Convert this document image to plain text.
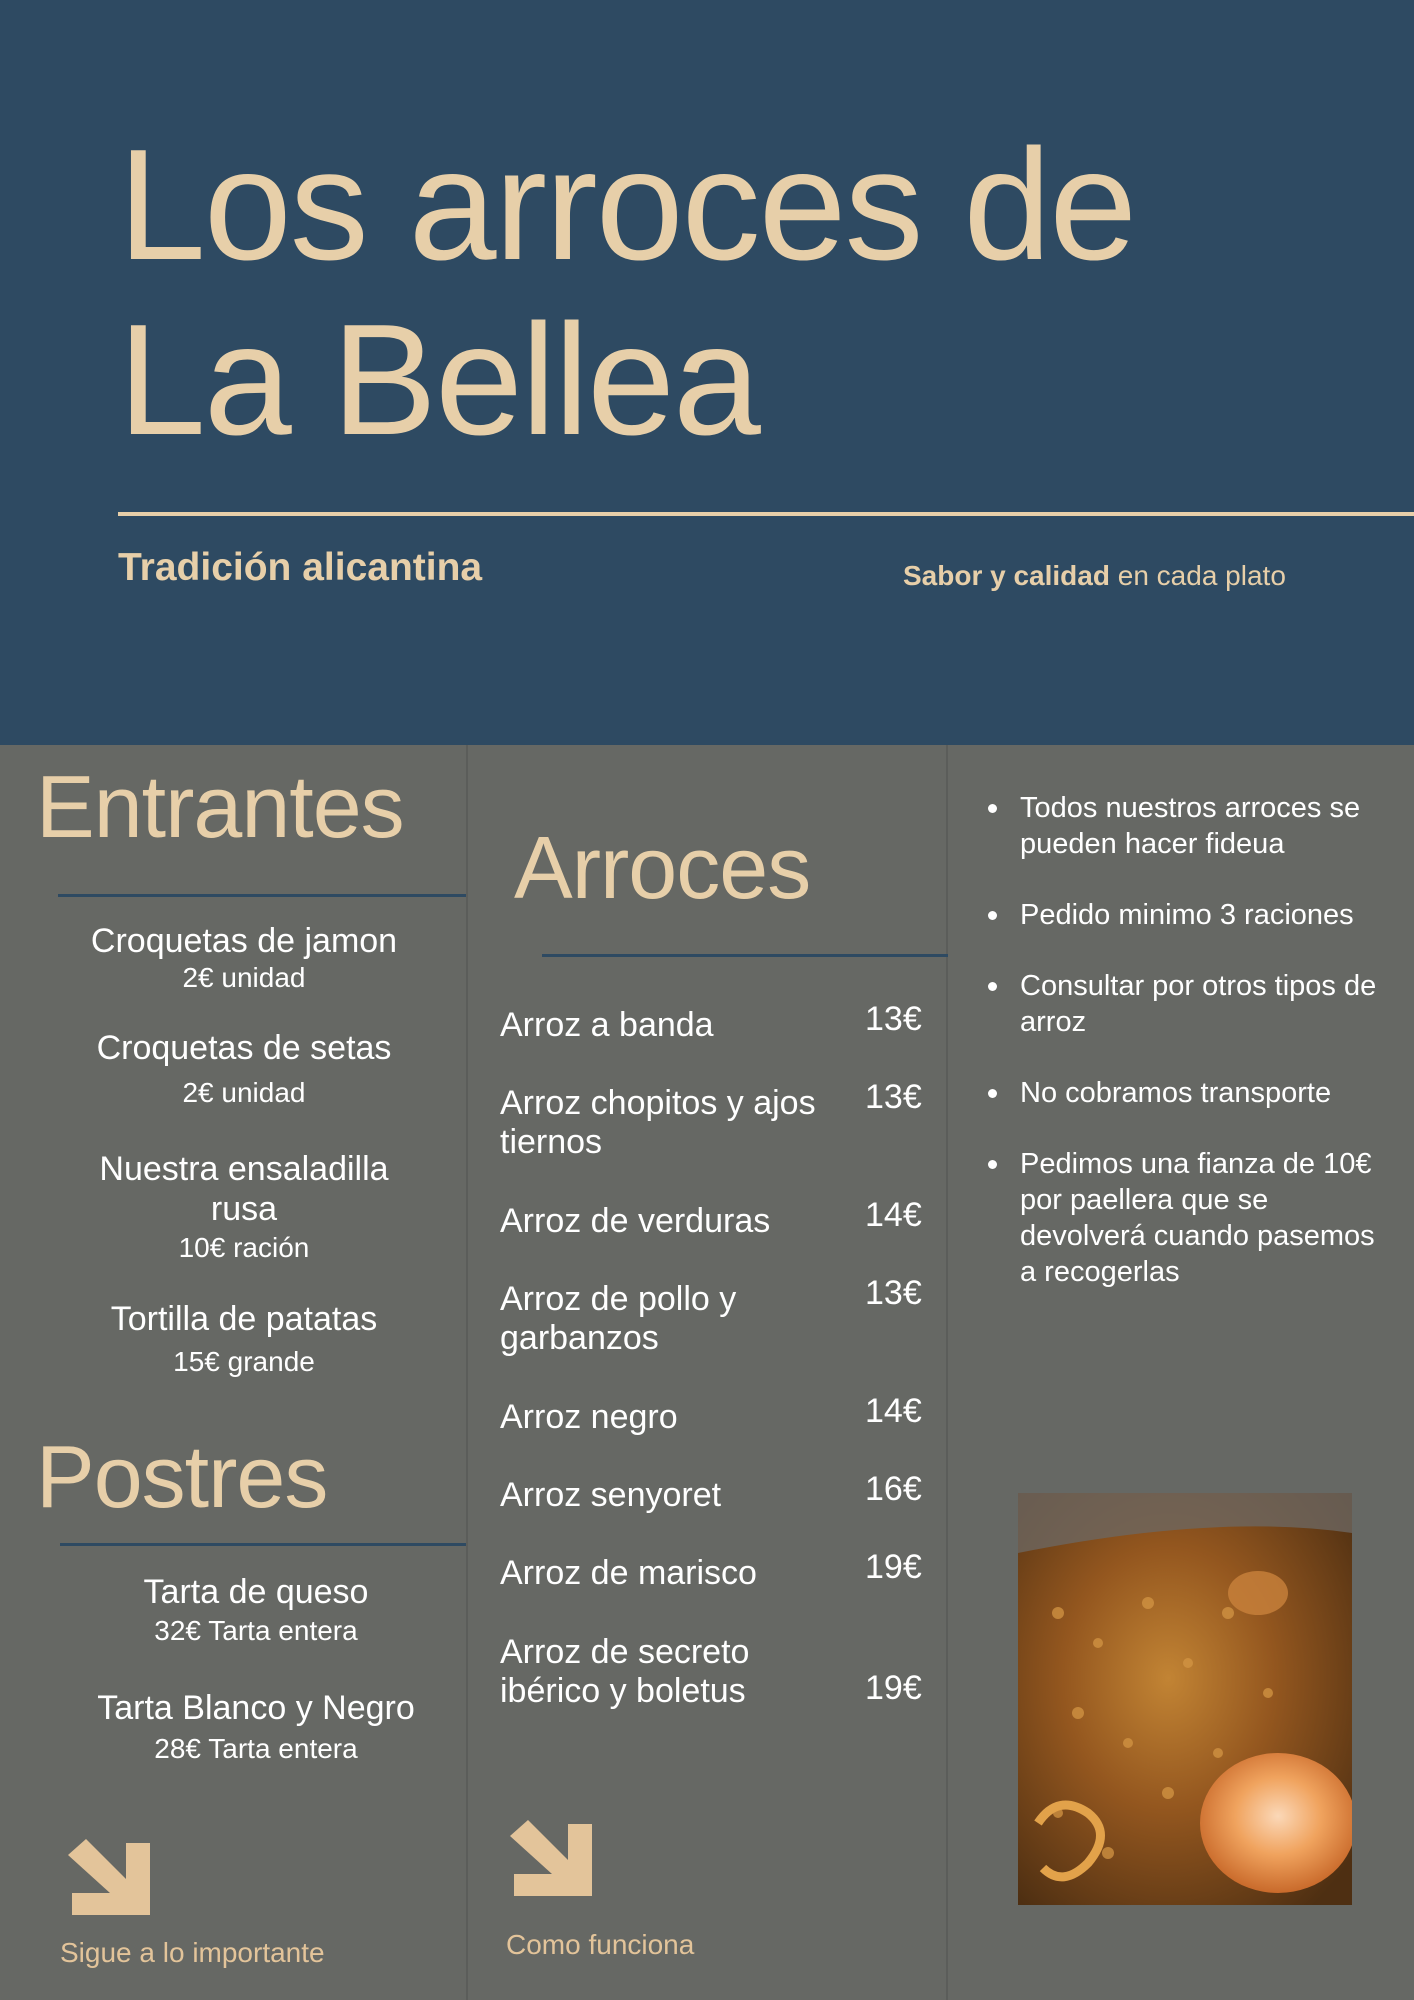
Los arroces de
La Bellea
Tradición alicantina	Sabor y calidad en cada plato
Entrantes
Croquetas de jamon
2€ unidad
Croquetas de setas
2€ unidad
Nuestra ensaladilla rusa
10€ ración
Tortilla de patatas
15€ grande
Postres
Tarta de queso
32€ Tarta entera
Tarta Blanco y Negro
28€ Tarta entera
Arroces
Arroz a banda	13€
Arroz chopitos y ajos tiernos
13€
Arroz de verduras	14€
Arroz de pollo y garbanzos
13€
Arroz negro	14€
Arroz senyoret	16€
Arroz de marisco	19€
Arroz de secreto ibérico y boletus	19€
Todos nuestros arroces se pueden hacer fideua
Pedido minimo 3 raciones
Consultar por otros tipos de arroz
No cobramos transporte
Pedimos una fianza de 10€ por paellera que se devolverá cuando pasemos a recogerlas
Sigue a lo importante	Como funciona
